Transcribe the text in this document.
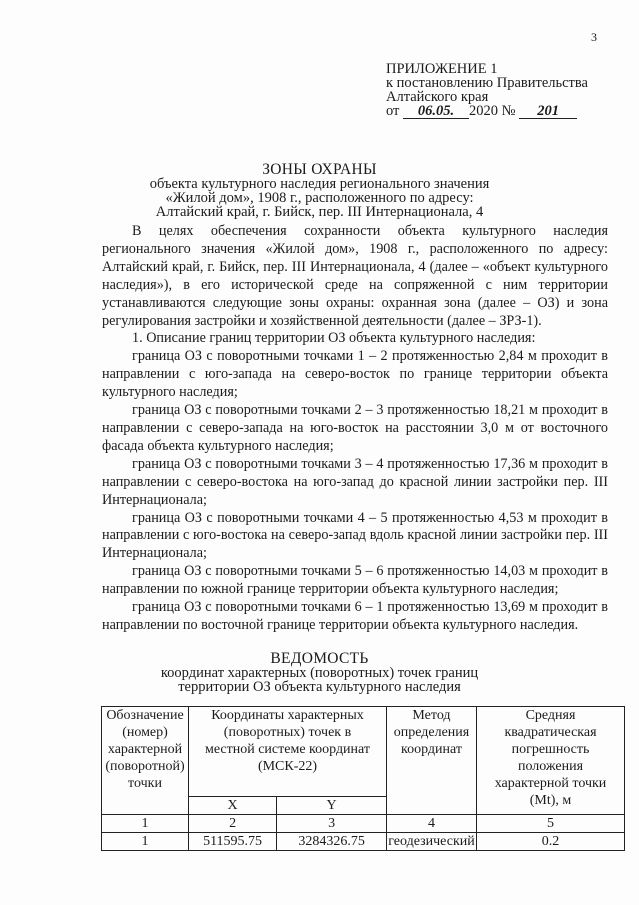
3
ПРИЛОЖЕНИЕ 1
к постановлению Правительства
Алтайского края
от 06.05. 2020 № 201
ЗОНЫ ОХРАНЫ
объекта культурного наследия регионального значения
«Жилой дом», 1908 г., расположенного по адресу:
Алтайский край, г. Бийск, пер. III Интернационала, 4

В целях обеспечения сохранности объекта культурного наследия регионального значения «Жилой дом», 1908 г., расположенного по адресу: Алтайский край, г. Бийск, пер. III Интернационала, 4 (далее – «объект культурного наследия»), в его исторической среде на сопряженной с ним территории устанавливаются следующие зоны охраны: охранная зона (далее – ОЗ) и зона регулирования застройки и хозяйственной деятельности (далее – ЗРЗ-1).

1. Описание границ территории ОЗ объекта культурного наследия:

граница ОЗ с поворотными точками 1 – 2 протяженностью 2,84 м проходит в направлении с юго-запада на северо-восток по границе территории объекта культурного наследия;

граница ОЗ с поворотными точками 2 – 3 протяженностью 18,21 м проходит в направлении с северо-запада на юго-восток на расстоянии 3,0 м от восточного фасада объекта культурного наследия;

граница ОЗ с поворотными точками 3 – 4 протяженностью 17,36 м проходит в направлении с северо-востока на юго-запад до красной линии застройки пер. III Интернационала;

граница ОЗ с поворотными точками 4 – 5 протяженностью 4,53 м проходит в направлении с юго-востока на северо-запад вдоль красной линии застройки пер. III Интернационала;

граница ОЗ с поворотными точками 5 – 6 протяженностью 14,03 м проходит в направлении по южной границе территории объекта культурного наследия;

граница ОЗ с поворотными точками 6 – 1 протяженностью 13,69 м проходит в направлении по восточной границе территории объекта культурного наследия.

ВЕДОМОСТЬ
координат характерных (поворотных) точек границ
территории ОЗ объекта культурного наследия
Обозначение (номер) характерной (поворотной) точки	Координаты характерных (поворотных) точек в местной системе координат (МСК-22)		Метод определения координат	Средняя квадратическая погрешность положения характерной точки (Mt), м
	X	Y		
1	2	3	4	5
1	511595.75	3284326.75	геодезический	0.2
